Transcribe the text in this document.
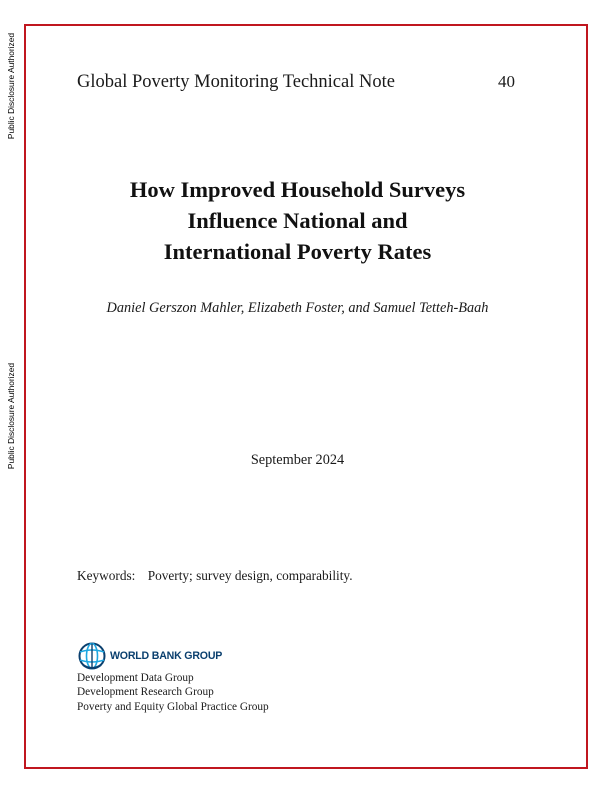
Public Disclosure Authorized
Public Disclosure Authorized
Global Poverty Monitoring Technical Note	40
How Improved Household Surveys
Influence National and
International Poverty Rates
Daniel Gerszon Mahler, Elizabeth Foster, and Samuel Tetteh-Baah
September 2024
Keywords: Poverty; survey design, comparability.
WORLD BANK GROUP
Development Data Group
Development Research Group
Poverty and Equity Global Practice Group
